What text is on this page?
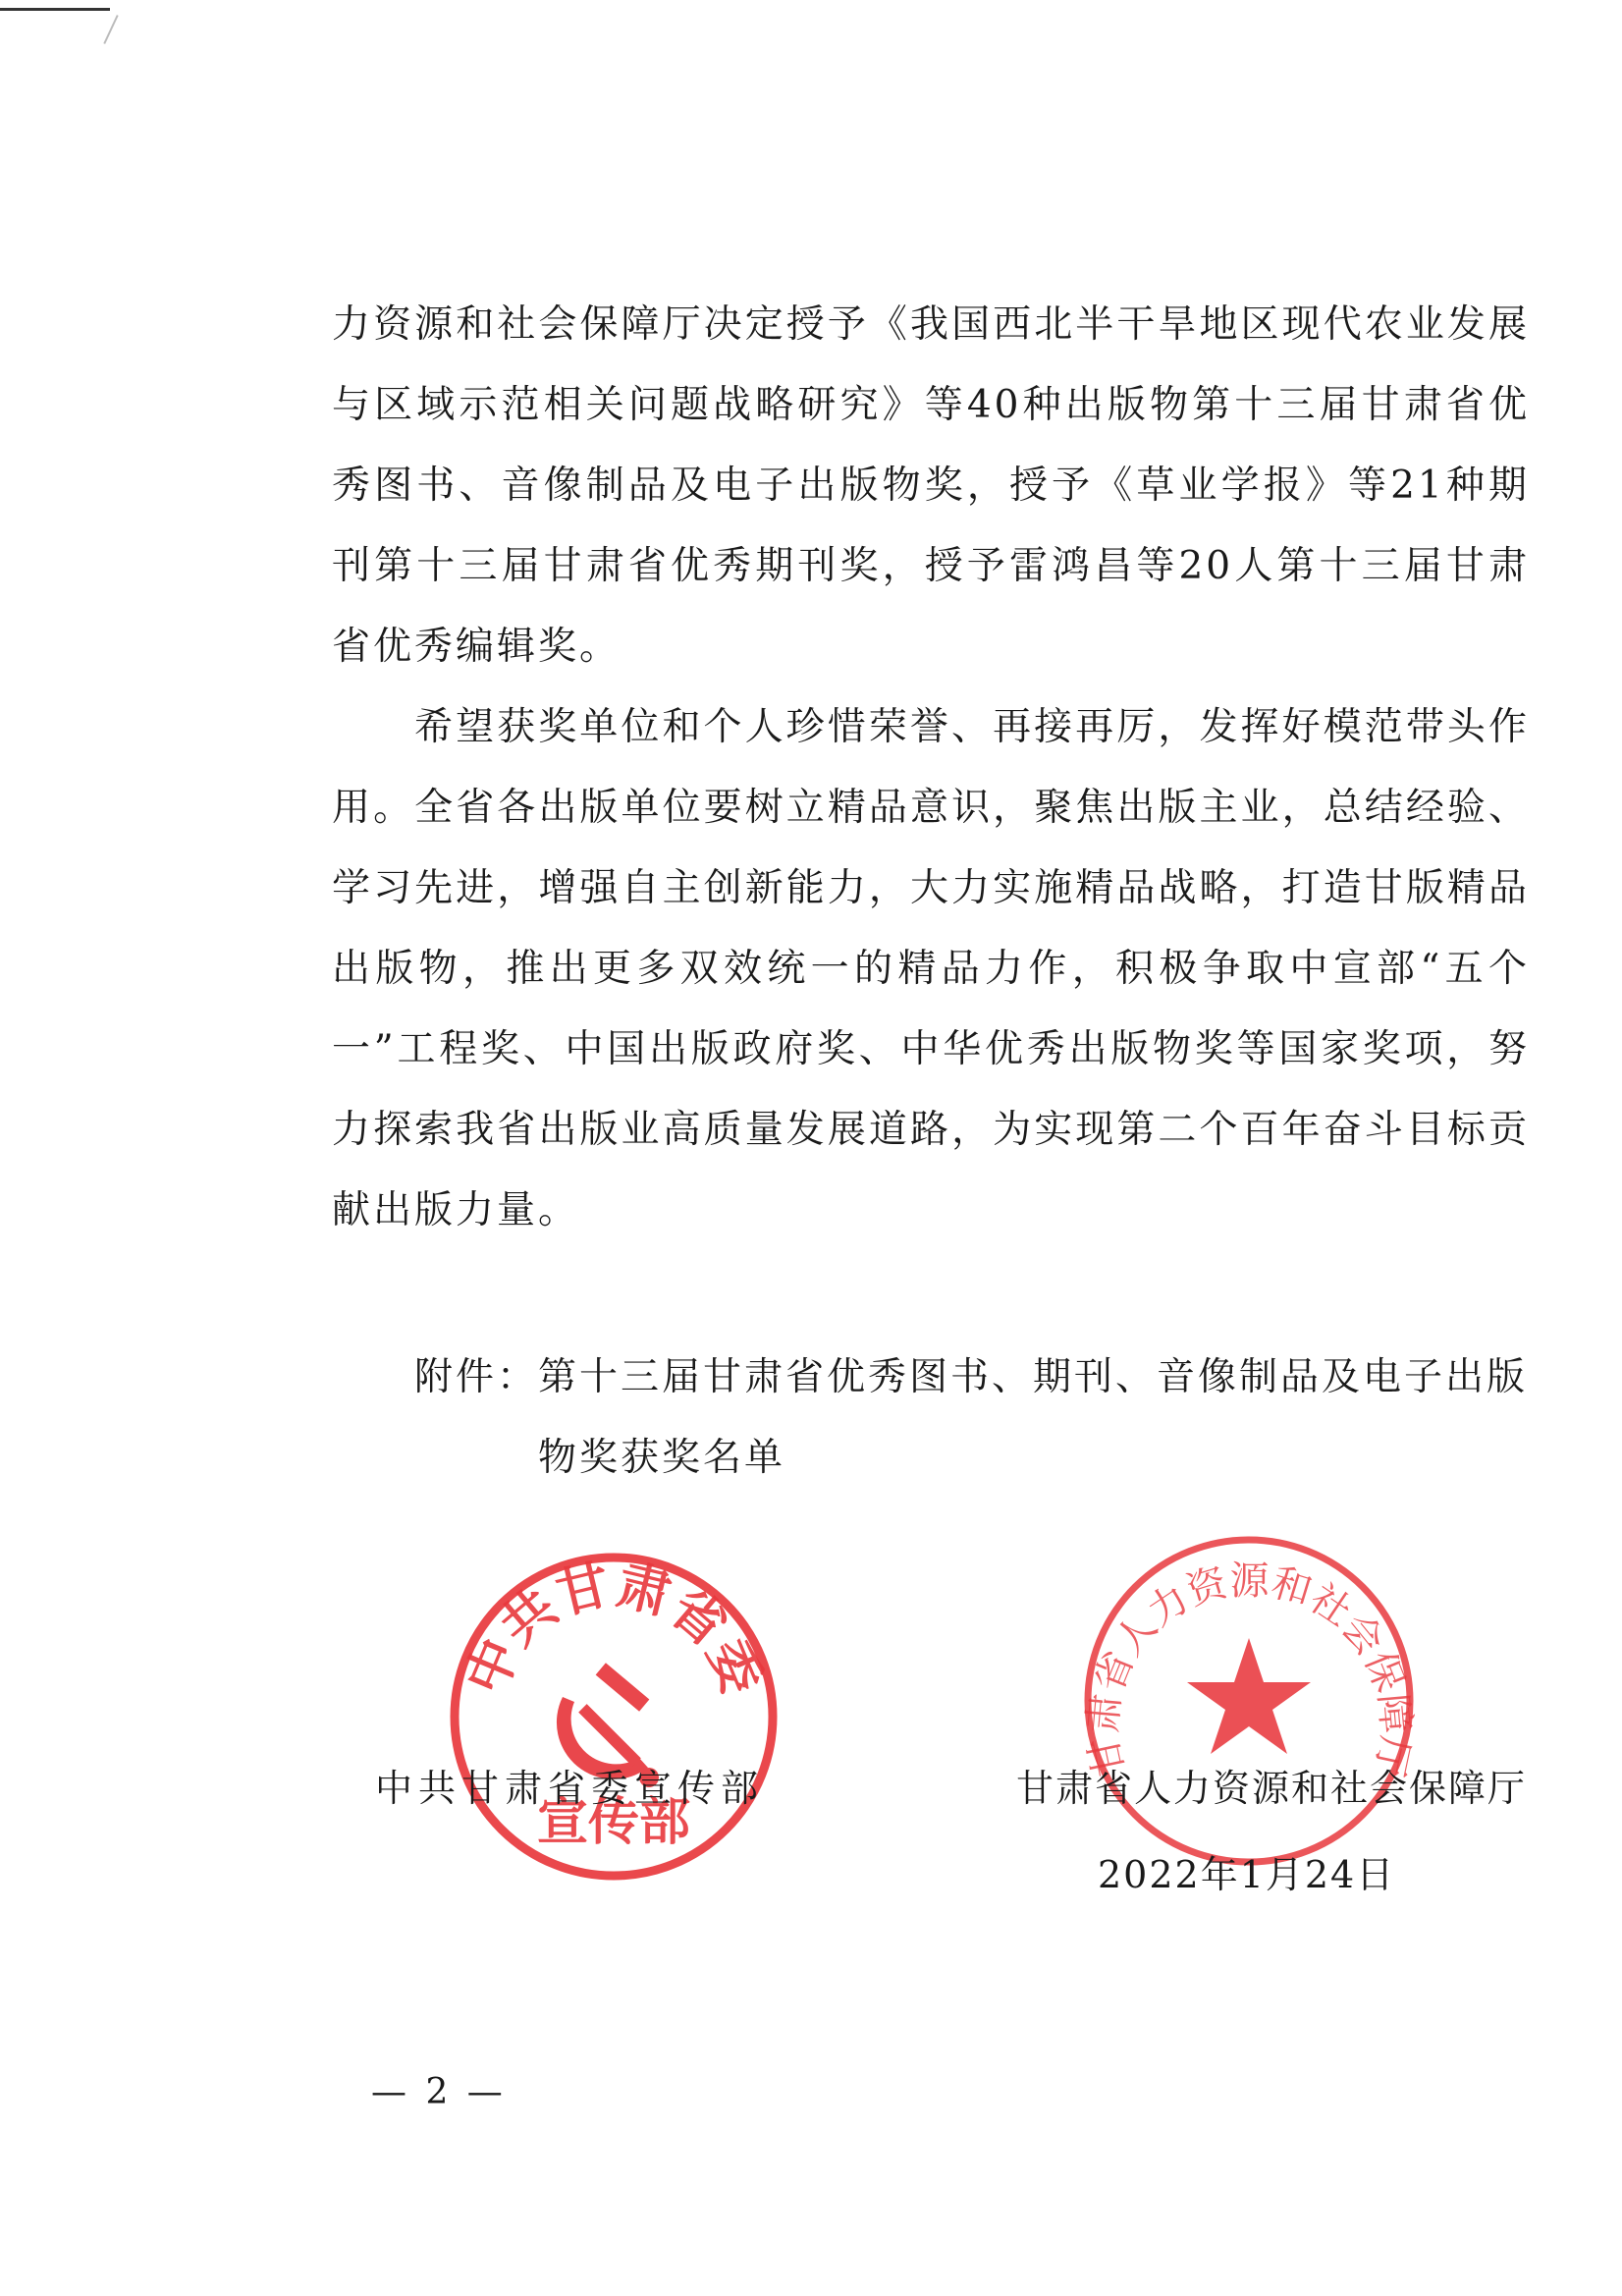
力资源和社会保障厅决定授予《我国西北半干旱地区现代农业发展与区域示范相关问题战略研究》等40种出版物第十三届甘肃省优秀图书、音像制品及电子出版物奖，授予《草业学报》等21种期刊第十三届甘肃省优秀期刊奖，授予雷鸿昌等20人第十三届甘肃省优秀编辑奖。

希望获奖单位和个人珍惜荣誉、再接再厉，发挥好模范带头作用。全省各出版单位要树立精品意识，聚焦出版主业，总结经验、学习先进，增强自主创新能力，大力实施精品战略，打造甘版精品出版物，推出更多双效统一的精品力作，积极争取中宣部“五个一”工程奖、中国出版政府奖、中华优秀出版物奖等国家奖项，努力探索我省出版业高质量发展道路，为实现第二个百年奋斗目标贡献出版力量。

附件： 第十三届甘肃省优秀图书、期刊、音像制品及电子出版物奖获奖名单
中共甘肃省委
宣传部
甘肃省人力资源和社会保障厅
中共甘肃省委宣传部	甘肃省人力资源和社会保障厅
2022年1月24日
— 2 —
